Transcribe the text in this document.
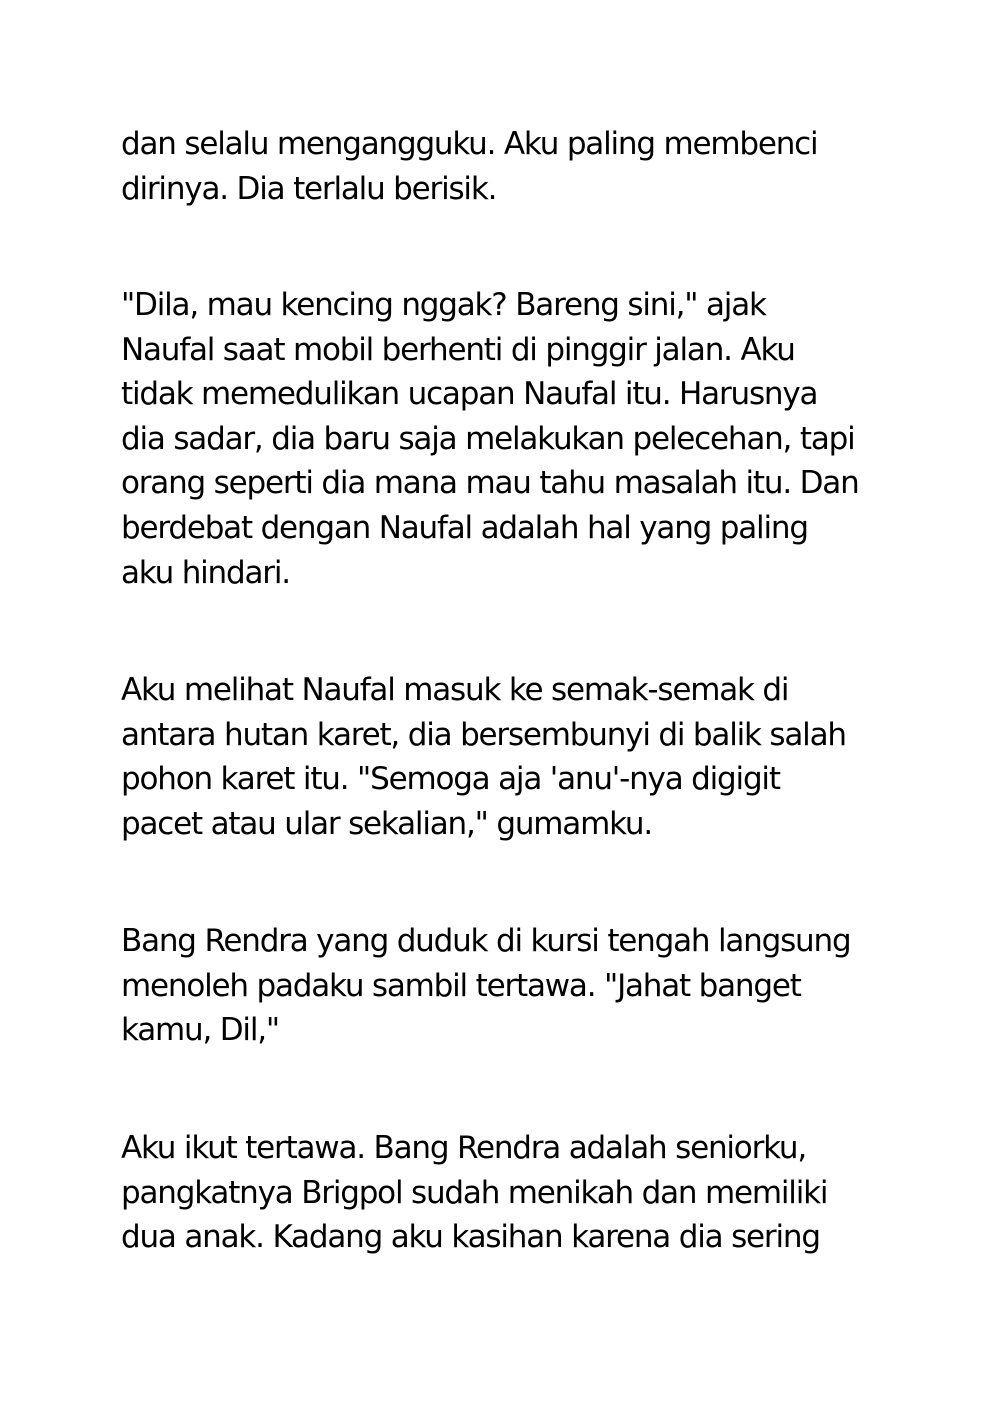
dan selalu mengangguku. Aku paling membenci
dirinya. Dia terlalu berisik.
"Dila, mau kencing nggak? Bareng sini," ajak
Naufal saat mobil berhenti di pinggir jalan. Aku
tidak memedulikan ucapan Naufal itu. Harusnya
dia sadar, dia baru saja melakukan pelecehan, tapi
orang seperti dia mana mau tahu masalah itu. Dan
berdebat dengan Naufal adalah hal yang paling
aku hindari.
Aku melihat Naufal masuk ke semak-semak di
antara hutan karet, dia bersembunyi di balik salah
pohon karet itu. "Semoga aja 'anu'-nya digigit
pacet atau ular sekalian," gumamku.
Bang Rendra yang duduk di kursi tengah langsung
menoleh padaku sambil tertawa. "Jahat banget
kamu, Dil,"
Aku ikut tertawa. Bang Rendra adalah seniorku,
pangkatnya Brigpol sudah menikah dan memiliki
dua anak. Kadang aku kasihan karena dia sering
